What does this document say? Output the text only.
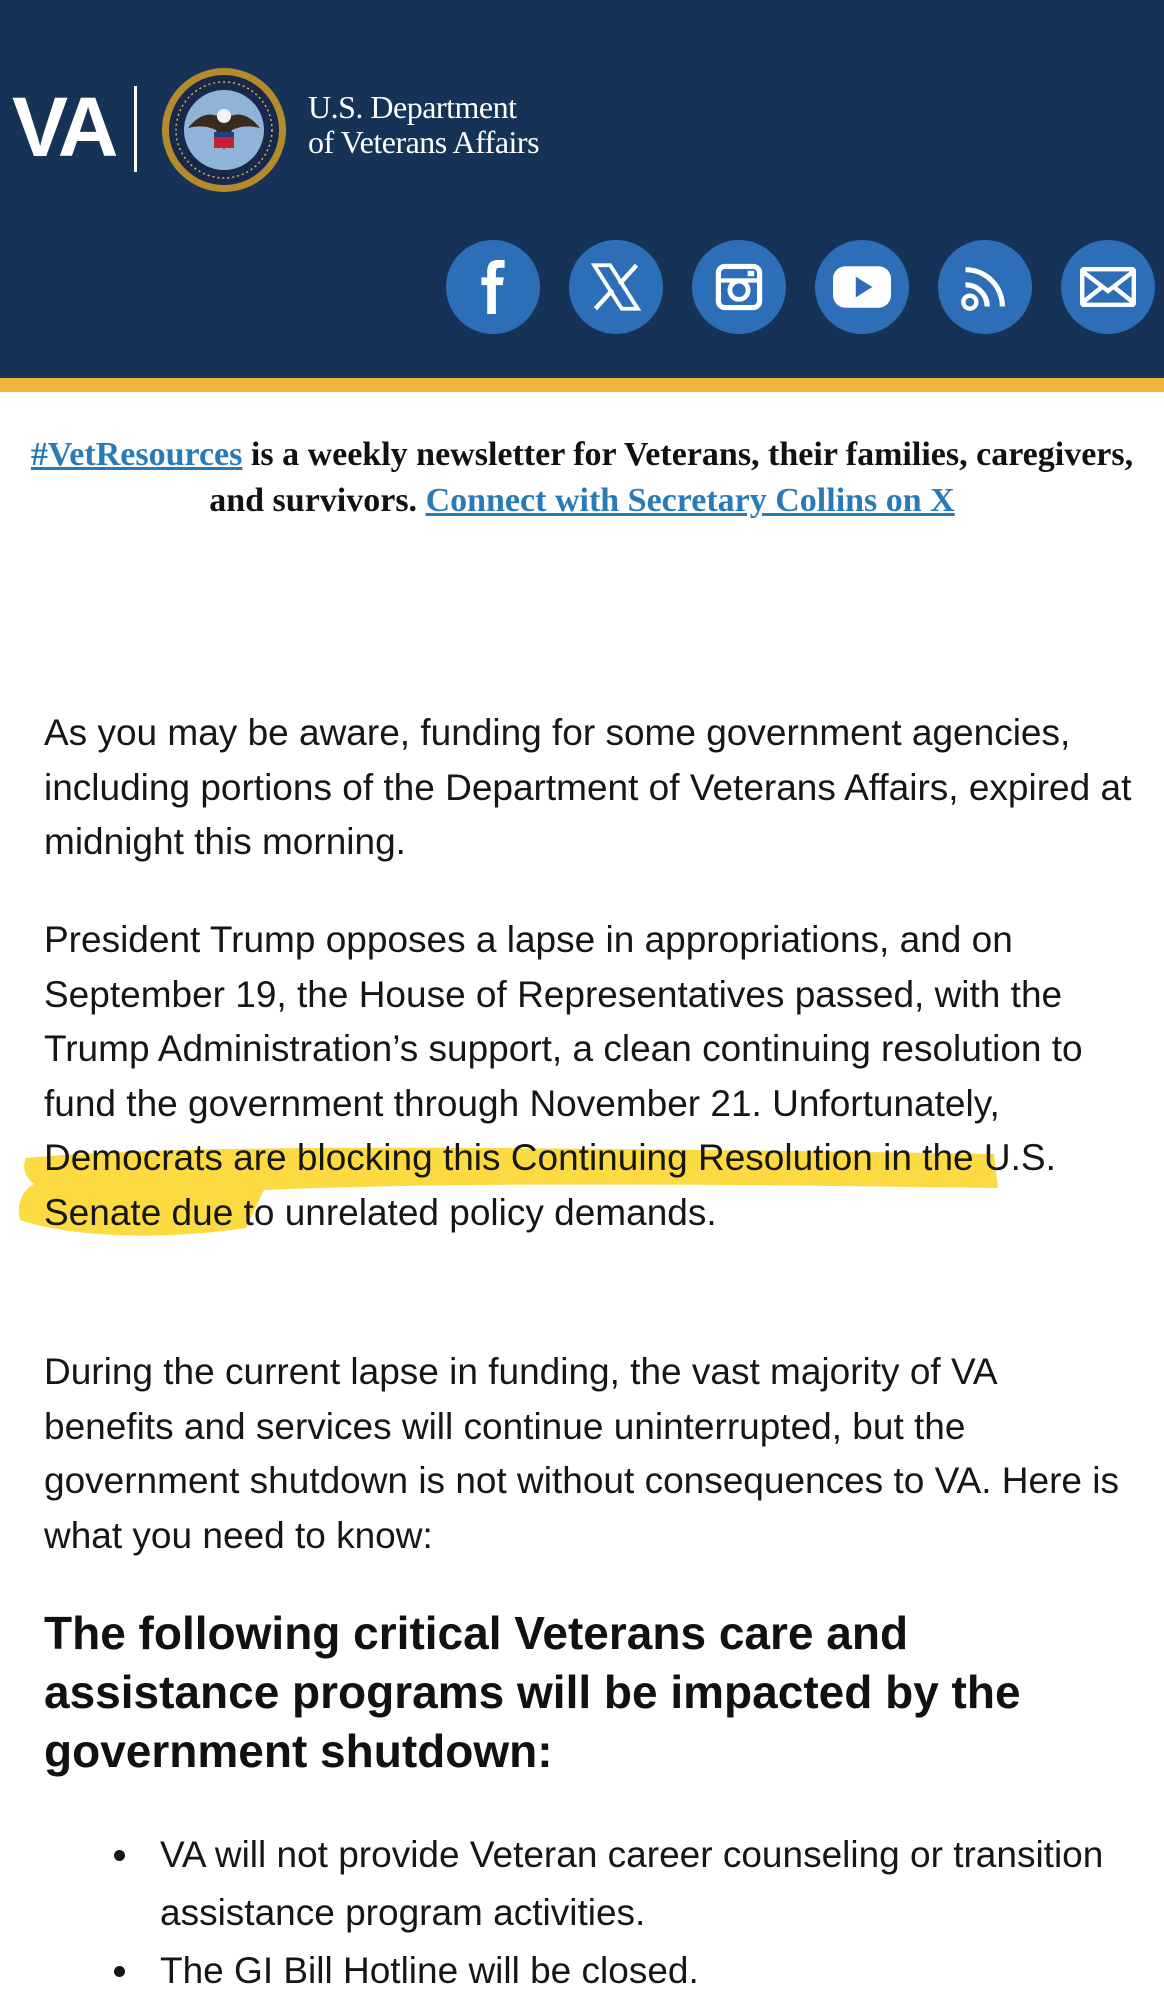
VA	U.S. Department
of Veterans Affairs
#VetResources is a weekly newsletter for Veterans, their families, caregivers, and survivors. Connect with Secretary Collins on X

As you may be aware, funding for some government agencies, including portions of the Department of Veterans Affairs, expired at midnight this morning.

President Trump opposes a lapse in appropriations, and on September 19, the House of Representatives passed, with the Trump Administration’s support, a clean continuing resolution to fund the government through November 21. Unfortunately, Democrats are blocking this Continuing Resolution in the U.S. Senate due to unrelated policy demands.

During the current lapse in funding, the vast majority of VA benefits and services will continue uninterrupted, but the government shutdown is not without consequences to VA. Here is what you need to know:

The following critical Veterans care and assistance programs will be impacted by the government shutdown:
VA will not provide Veteran career counseling or transition assistance program activities.
The GI Bill Hotline will be closed.
